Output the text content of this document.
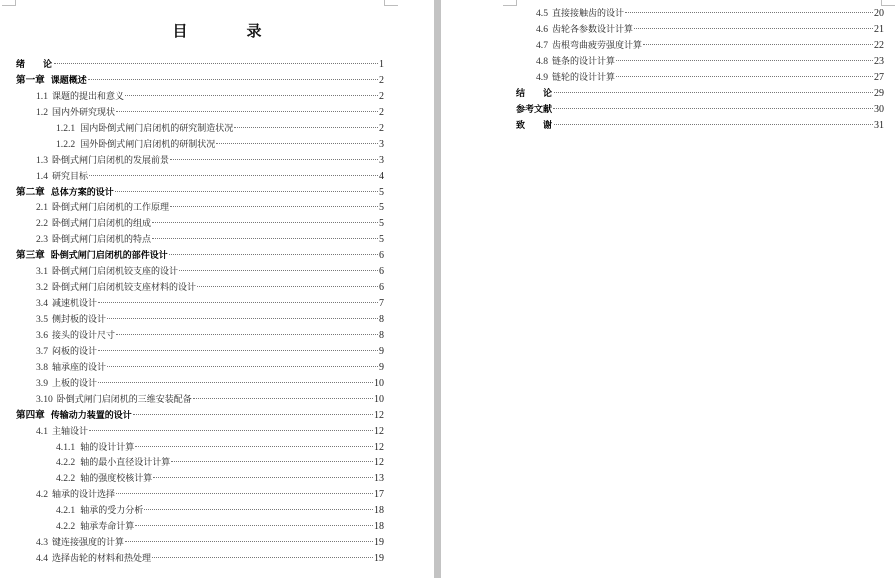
目　录
绪论	1
第一章 课题概述	2
1.1 课题的提出和意义	2
1.2 国内外研究现状	2
1.2.1 国内卧倒式闸门启闭机的研究制造状况	2
1.2.2 国外卧倒式闸门启闭机的研制状况	3
1.3 卧倒式闸门启闭机的发展前景	3
1.4 研究目标	4
第二章 总体方案的设计	5
2.1 卧倒式闸门启闭机的工作原理	5
2.2 卧倒式闸门启闭机的组成	5
2.3 卧倒式闸门启闭机的特点	5
第三章 卧倒式闸门启闭机的部件设计	6
3.1 卧倒式闸门启闭机铰支座的设计	6
3.2 卧倒式闸门启闭机铰支座材料的设计	6
3.4 减速机设计	7
3.5 侧封板的设计	8
3.6 接头的设计尺寸	8
3.7 闷板的设计	9
3.8 轴承座的设计	9
3.9 上板的设计	10
3.10 卧倒式闸门启闭机的三维安装配备	10
第四章 传输动力装置的设计	12
4.1 主轴设计	12
4.1.1 轴的设计计算	12
4.2.2 轴的最小直径设计计算	12
4.2.2 轴的强度校核计算	13
4.2 轴承的设计选择	17
4.2.1 轴承的受力分析	18
4.2.2 轴承寿命计算	18
4.3 键连接强度的计算	19
4.4 选择齿轮的材料和热处理	19
4.5 直接接触齿的设计	20
4.6 齿轮各参数设计计算	21
4.7 齿根弯曲疲劳强度计算	22
4.8 链条的设计计算	23
4.9 链轮的设计计算	27
结论	29
参考文献	30
致谢	31
